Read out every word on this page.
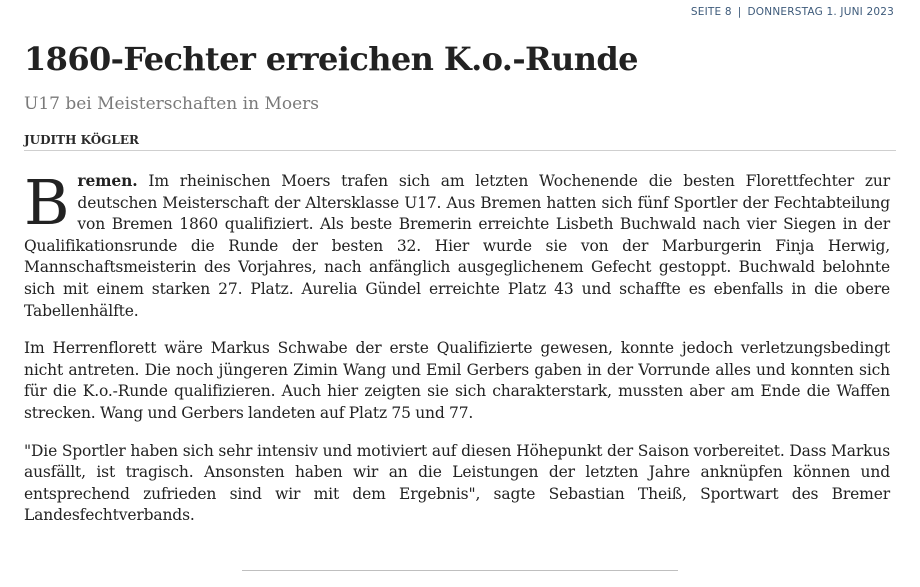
SEITE 8 | DONNERSTAG 1. JUNI 2023
1860-Fechter erreichen K.o.-Runde
U17 bei Meisterschaften in Moers
JUDITH KÖGLER

Bremen. Im rheinischen Moers trafen sich am letzten Wochenende die besten Florettfechter zur deutschen Meisterschaft der Altersklasse U17. Aus Bremen hatten sich fünf Sportler der Fechtabteilung von Bremen 1860 qualifiziert. Als beste Bremerin erreichte Lisbeth Buchwald nach vier Siegen in der Qualifikationsrunde die Runde der besten 32. Hier wurde sie von der Marburgerin Finja Herwig, Mannschaftsmeisterin des Vorjahres, nach anfänglich ausgeglichenem Gefecht gestoppt. Buchwald belohnte sich mit einem starken 27. Platz. Aurelia Gündel erreichte Platz 43 und schaffte es ebenfalls in die obere Tabellenhälfte.

Im Herrenflorett wäre Markus Schwabe der erste Qualifizierte gewesen, konnte jedoch verletzungsbedingt nicht antreten. Die noch jüngeren Zimin Wang und Emil Gerbers gaben in der Vorrunde alles und konnten sich für die K.o.-Runde qualifizieren. Auch hier zeigten sie sich charakterstark, mussten aber am Ende die Waffen strecken. Wang und Gerbers landeten auf Platz 75 und 77.

"Die Sportler haben sich sehr intensiv und motiviert auf diesen Höhepunkt der Saison vorbereitet. Dass Markus ausfällt, ist tragisch. Ansonsten haben wir an die Leistungen der letzten Jahre anknüpfen können und entsprechend zufrieden sind wir mit dem Ergebnis", sagte Sebastian Theiß, Sportwart des Bremer Landesfechtverbands.
